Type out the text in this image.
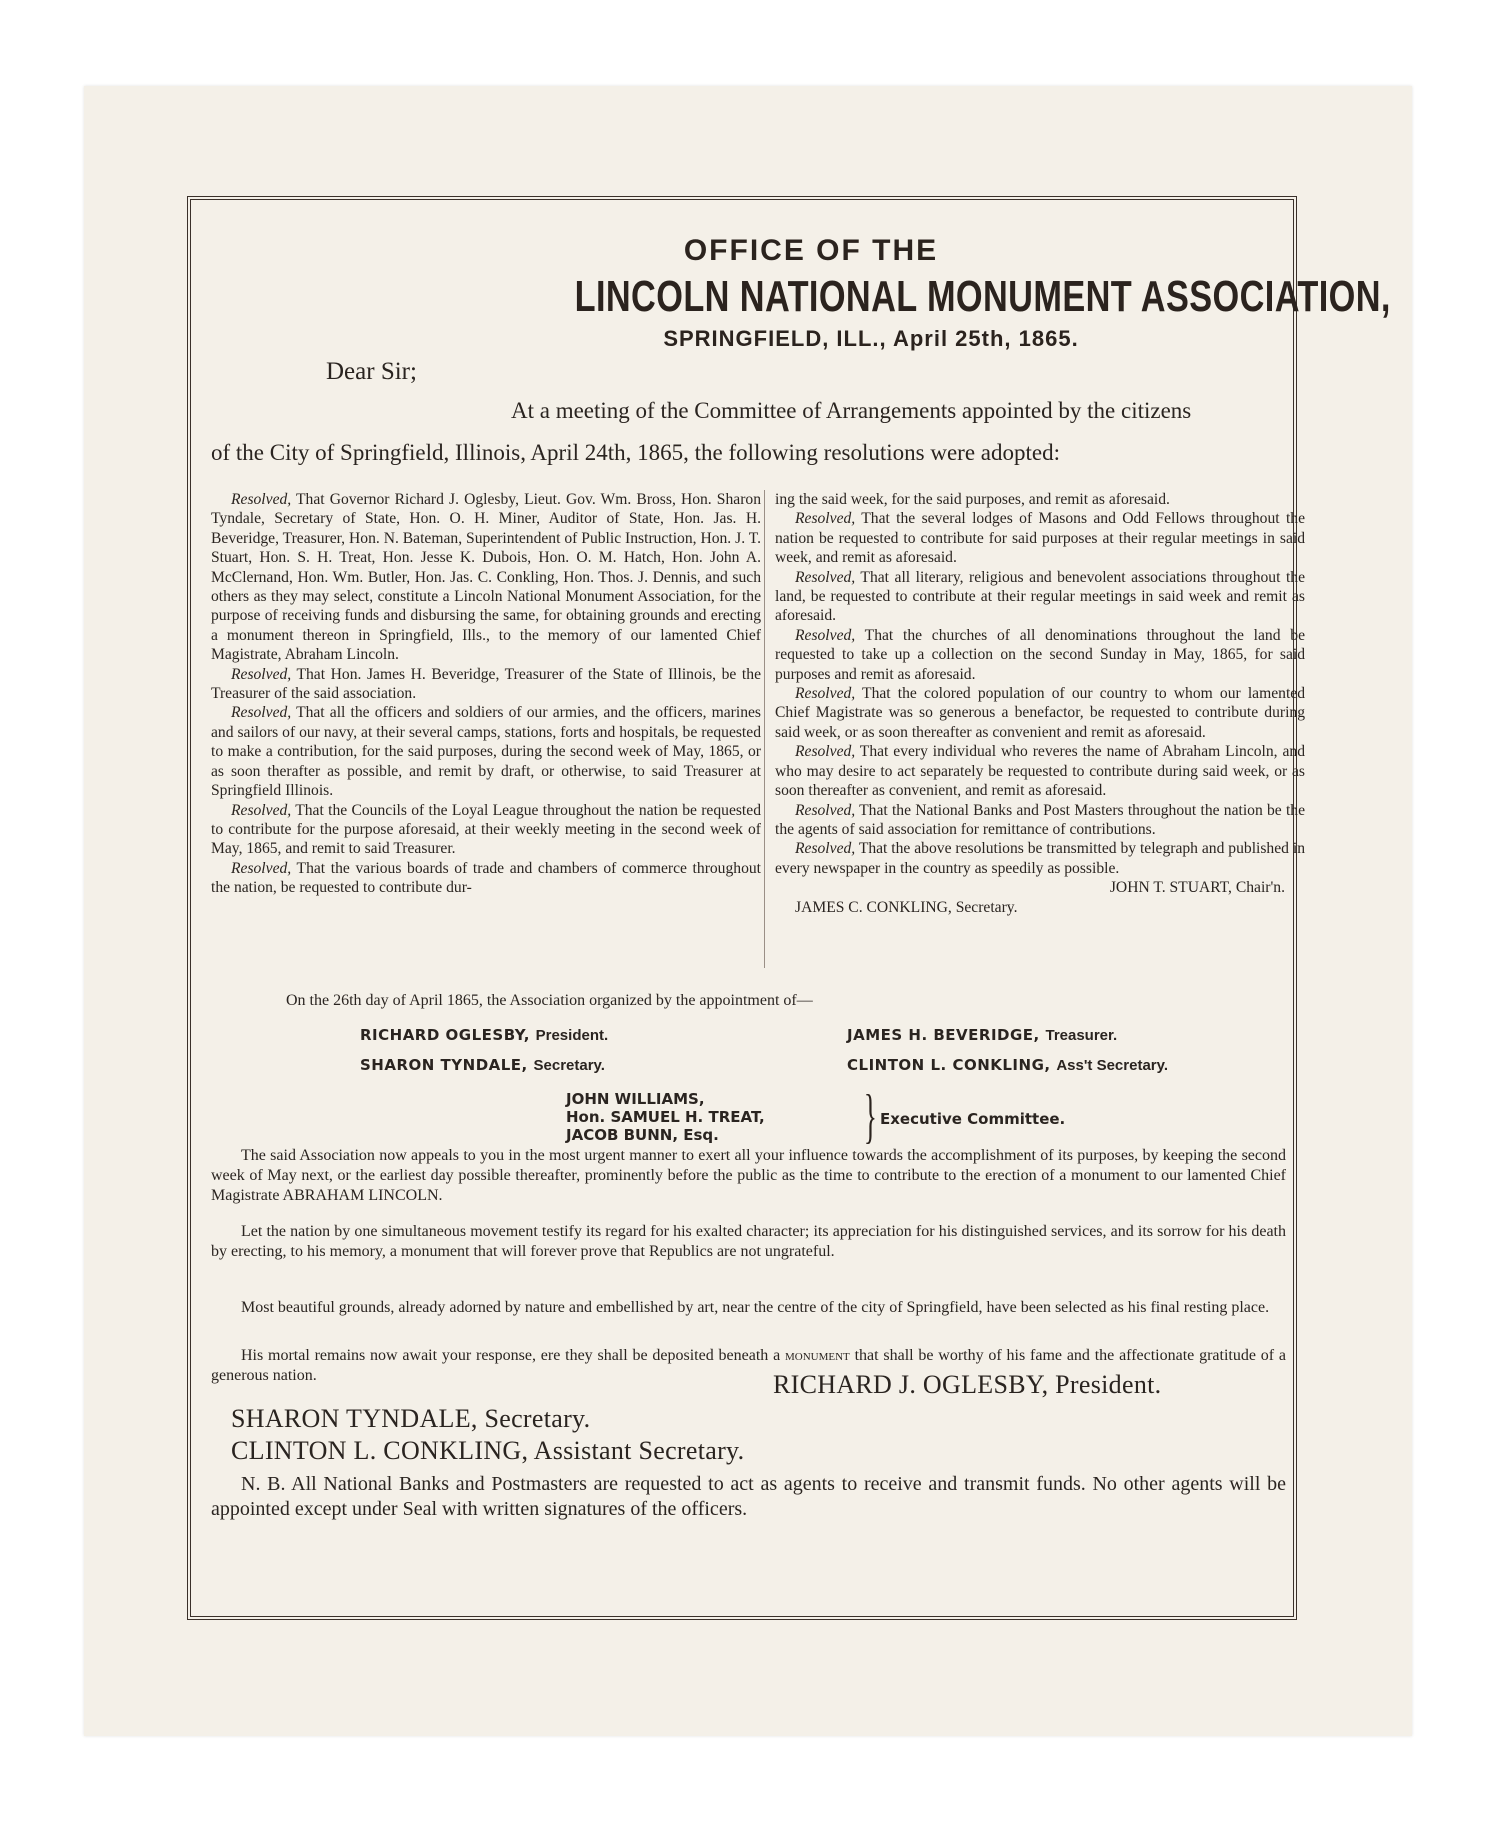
OFFICE OF THE
LINCOLN NATIONAL MONUMENT ASSOCIATION,
SPRINGFIELD, ILL., April 25th, 1865.
Dear Sir;
At a meeting of the Committee of Arrangements appointed by the citizens
of the City of Springfield, Illinois, April 24th, 1865, the following resolutions were adopted:

Resolved, That Governor Richard J. Oglesby, Lieut. Gov. Wm. Bross, Hon. Sharon Tyndale, Secretary of State, Hon. O. H. Miner, Auditor of State, Hon. Jas. H. Beveridge, Treasurer, Hon. N. Bateman, Superintendent of Public Instruction, Hon. J. T. Stuart, Hon. S. H. Treat, Hon. Jesse K. Dubois, Hon. O. M. Hatch, Hon. John A. McClernand, Hon. Wm. Butler, Hon. Jas. C. Conkling, Hon. Thos. J. Dennis, and such others as they may select, constitute a Lincoln National Monument Association, for the purpose of receiving funds and disbursing the same, for obtaining grounds and erecting a monument thereon in Springfield, Ills., to the memory of our lamented Chief Magistrate, Abraham Lincoln.

Resolved, That Hon. James H. Beveridge, Treasurer of the State of Illinois, be the Treasurer of the said association.

Resolved, That all the officers and soldiers of our armies, and the officers, marines and sailors of our navy, at their several camps, stations, forts and hospitals, be requested to make a contribution, for the said purposes, during the second week of May, 1865, or as soon therafter as possible, and remit by draft, or otherwise, to said Treasurer at Springfield Illinois.

Resolved, That the Councils of the Loyal League throughout the nation be requested to contribute for the purpose aforesaid, at their weekly meeting in the second week of May, 1865, and remit to said Treasurer.

Resolved, That the various boards of trade and chambers of commerce throughout the nation, be requested to contribute dur-

ing the said week, for the said purposes, and remit as aforesaid.

Resolved, That the several lodges of Masons and Odd Fellows throughout the nation be requested to contribute for said purposes at their regular meetings in said week, and remit as aforesaid.

Resolved, That all literary, religious and benevolent associations throughout the land, be requested to contribute at their regular meetings in said week and remit as aforesaid.

Resolved, That the churches of all denominations throughout the land be requested to take up a collection on the second Sunday in May, 1865, for said purposes and remit as aforesaid.

Resolved, That the colored population of our country to whom our lamented Chief Magistrate was so generous a benefactor, be requested to contribute during said week, or as soon thereafter as convenient and remit as aforesaid.

Resolved, That every individual who reveres the name of Abraham Lincoln, and who may desire to act separately be requested to contribute during said week, or as soon thereafter as convenient, and remit as aforesaid.

Resolved, That the National Banks and Post Masters throughout the nation be the the agents of said association for remittance of contributions.

Resolved, That the above resolutions be transmitted by telegraph and published in every newspaper in the country as speedily as possible.

JOHN T. STUART, Chair'n.

JAMES C. CONKLING, Secretary.

On the 26th day of April 1865, the Association organized by the appointment of—
RICHARD OGLESBY, President.
SHARON TYNDALE, Secretary.
JAMES H. BEVERIDGE, Treasurer.
CLINTON L. CONKLING, Ass't Secretary.
JOHN WILLIAMS,
Hon. SAMUEL H. TREAT,
JACOB BUNN, Esq.	} Executive Committee.

The said Association now appeals to you in the most urgent manner to exert all your influence towards the accomplishment of its purposes, by keeping the second week of May next, or the earliest day possible thereafter, prominently before the public as the time to contribute to the erection of a monument to our lamented Chief Magistrate ABRAHAM LINCOLN.

Let the nation by one simultaneous movement testify its regard for his exalted character; its appreciation for his distinguished services, and its sorrow for his death by erecting, to his memory, a monument that will forever prove that Republics are not ungrateful.

Most beautiful grounds, already adorned by nature and embellished by art, near the centre of the city of Springfield, have been selected as his final resting place.

His mortal remains now await your response, ere they shall be deposited beneath a monument that shall be worthy of his fame and the affectionate gratitude of a generous nation.	RICHARD J. OGLESBY, President.
SHARON TYNDALE, Secretary.
CLINTON L. CONKLING, Assistant Secretary.

N. B. All National Banks and Postmasters are requested to act as agents to receive and transmit funds. No other agents will be appointed except under Seal with written signatures of the officers.
